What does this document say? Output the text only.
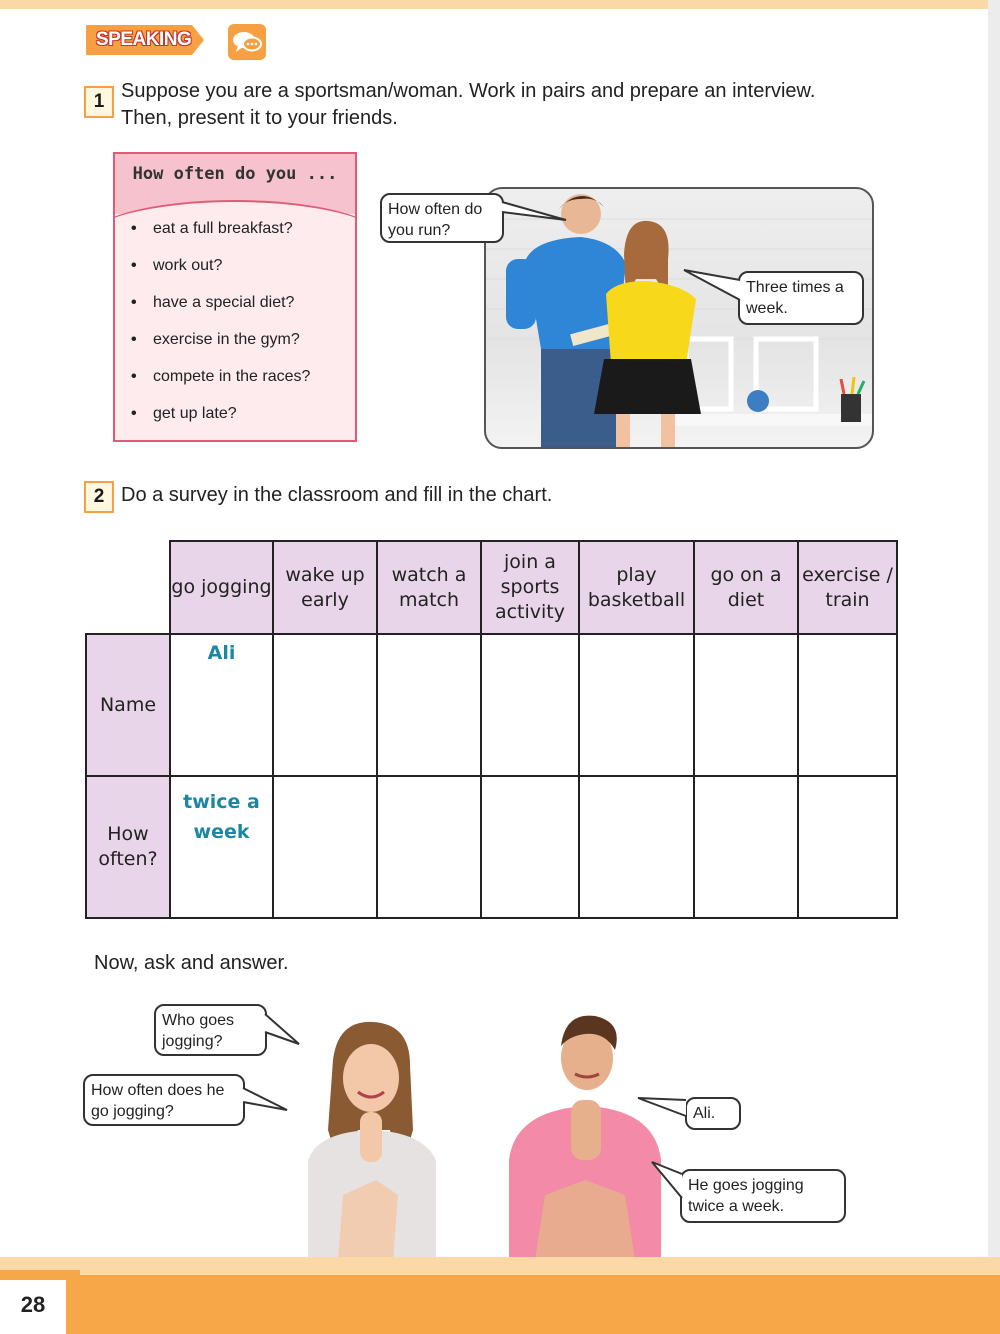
SPEAKING
1 Suppose you are a sportsman/woman. Work in pairs and prepare an interview.
Then, present it to your friends.
How often do you ...
• eat a full breakfast?
• work out?
• have a special diet?
• exercise in the gym?
• compete in the races?
• get up late?
How often do you run?
Three times a week.
2 Do a survey in the classroom and fill in the chart.
	go jogging	wake up early	watch a match	join a sports activity	play basketball	go on a diet	exercise / train
Name	Ali						
How often?	twice a week						
Now, ask and answer.
Who goes jogging?
How often does he go jogging?	Ali.
He goes jogging twice a week.
28
